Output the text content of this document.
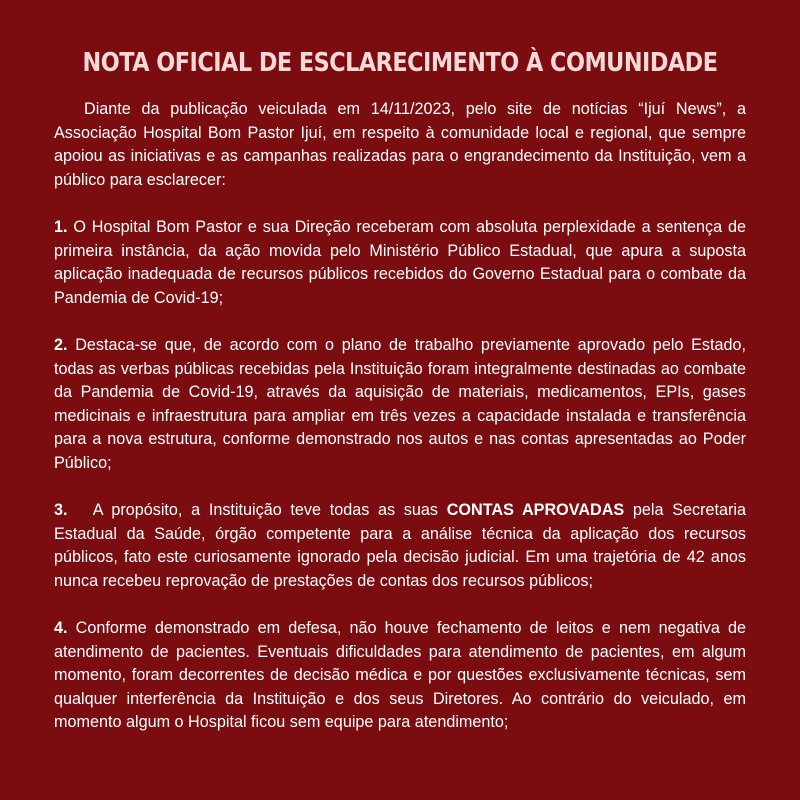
NOTA OFICIAL DE ESCLARECIMENTO À COMUNIDADE

Diante da publicação veiculada em 14/11/2023, pelo site de notícias “Ijuí News”, a Associação Hospital Bom Pastor Ijuí, em respeito à comunidade local e regional, que sempre apoiou as iniciativas e as campanhas realizadas para o engrandecimento da Instituição, vem a público para esclarecer:

1. O Hospital Bom Pastor e sua Direção receberam com absoluta perplexidade a sentença de primeira instância, da ação movida pelo Ministério Público Estadual, que apura a suposta aplicação inadequada de recursos públicos recebidos do Governo Estadual para o combate da Pandemia de Covid-19;

2. Destaca-se que, de acordo com o plano de trabalho previamente aprovado pelo Estado, todas as verbas públicas recebidas pela Instituição foram integralmente destinadas ao combate da Pandemia de Covid-19, através da aquisição de materiais, medicamentos, EPIs, gases medicinais e infraestrutura para ampliar em três vezes a capacidade instalada e transferência para a nova estrutura, conforme demonstrado nos autos e nas contas apresentadas ao Poder Público;

3.   A propósito, a Instituição teve todas as suas CONTAS APROVADAS pela Secretaria Estadual da Saúde, órgão competente para a análise técnica da aplicação dos recursos públicos, fato este curiosamente ignorado pela decisão judicial. Em uma trajetória de 42 anos nunca recebeu reprovação de prestações de contas dos recursos públicos;

4. Conforme demonstrado em defesa, não houve fechamento de leitos e nem negativa de atendimento de pacientes. Eventuais dificuldades para atendimento de pacientes, em algum momento, foram decorrentes de decisão médica e por questões exclusivamente técnicas, sem qualquer interferência da Instituição e dos seus Diretores. Ao contrário do veiculado, em momento algum o Hospital ficou sem equipe para atendimento;
